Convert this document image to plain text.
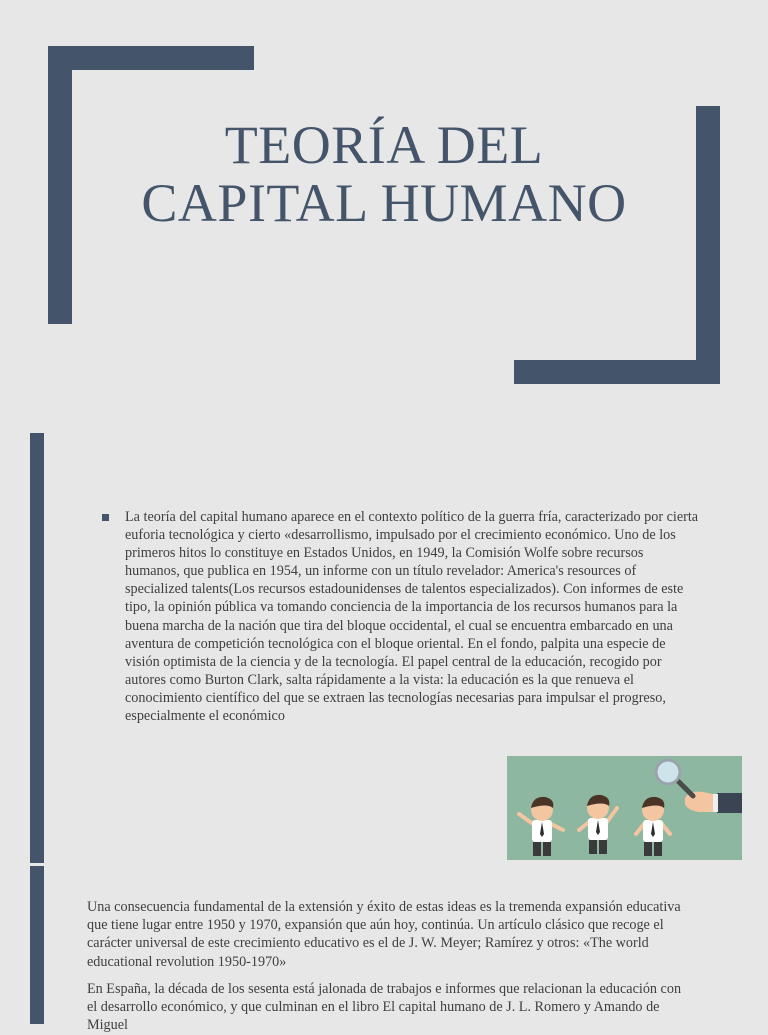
TEORÍA DEL
CAPITAL HUMANO

La teoría del capital humano aparece en el contexto político de la guerra fría, caracterizado por cierta euforia tecnológica y cierto «desarrollismo, impulsado por el crecimiento económico. Uno de los primeros hitos lo constituye en Estados Unidos, en 1949, la Comisión Wolfe sobre recursos humanos, que publica en 1954, un informe con un título revelador: America's resources of specialized talents(Los recursos estadounidenses de talentos especializados). Con informes de este tipo, la opinión pública va tomando conciencia de la importancia de los recursos humanos para la buena marcha de la nación que tira del bloque occidental, el cual se encuentra embarcado en una aventura de competición tecnológica con el bloque oriental. En el fondo, palpita una especie de visión optimista de la ciencia y de la tecnología. El papel central de la educación, recogido por autores como Burton Clark, salta rápidamente a la vista: la educación es la que renueva el conocimiento científico del que se extraen las tecnologías necesarias para impulsar el progreso, especialmente el económico

Una consecuencia fundamental de la extensión y éxito de estas ideas es la tremenda expansión educativa que tiene lugar entre 1950 y 1970, expansión que aún hoy, continúa. Un artículo clásico que recoge el carácter universal de este crecimiento educativo es el de J. W. Meyer; Ramírez y otros: «The world educational revolution 1950-1970»

En España, la década de los sesenta está jalonada de trabajos e informes que relacionan la educación con el desarrollo económico, y que culminan en el libro El capital humano de J. L. Romero y Amando de Miguel
